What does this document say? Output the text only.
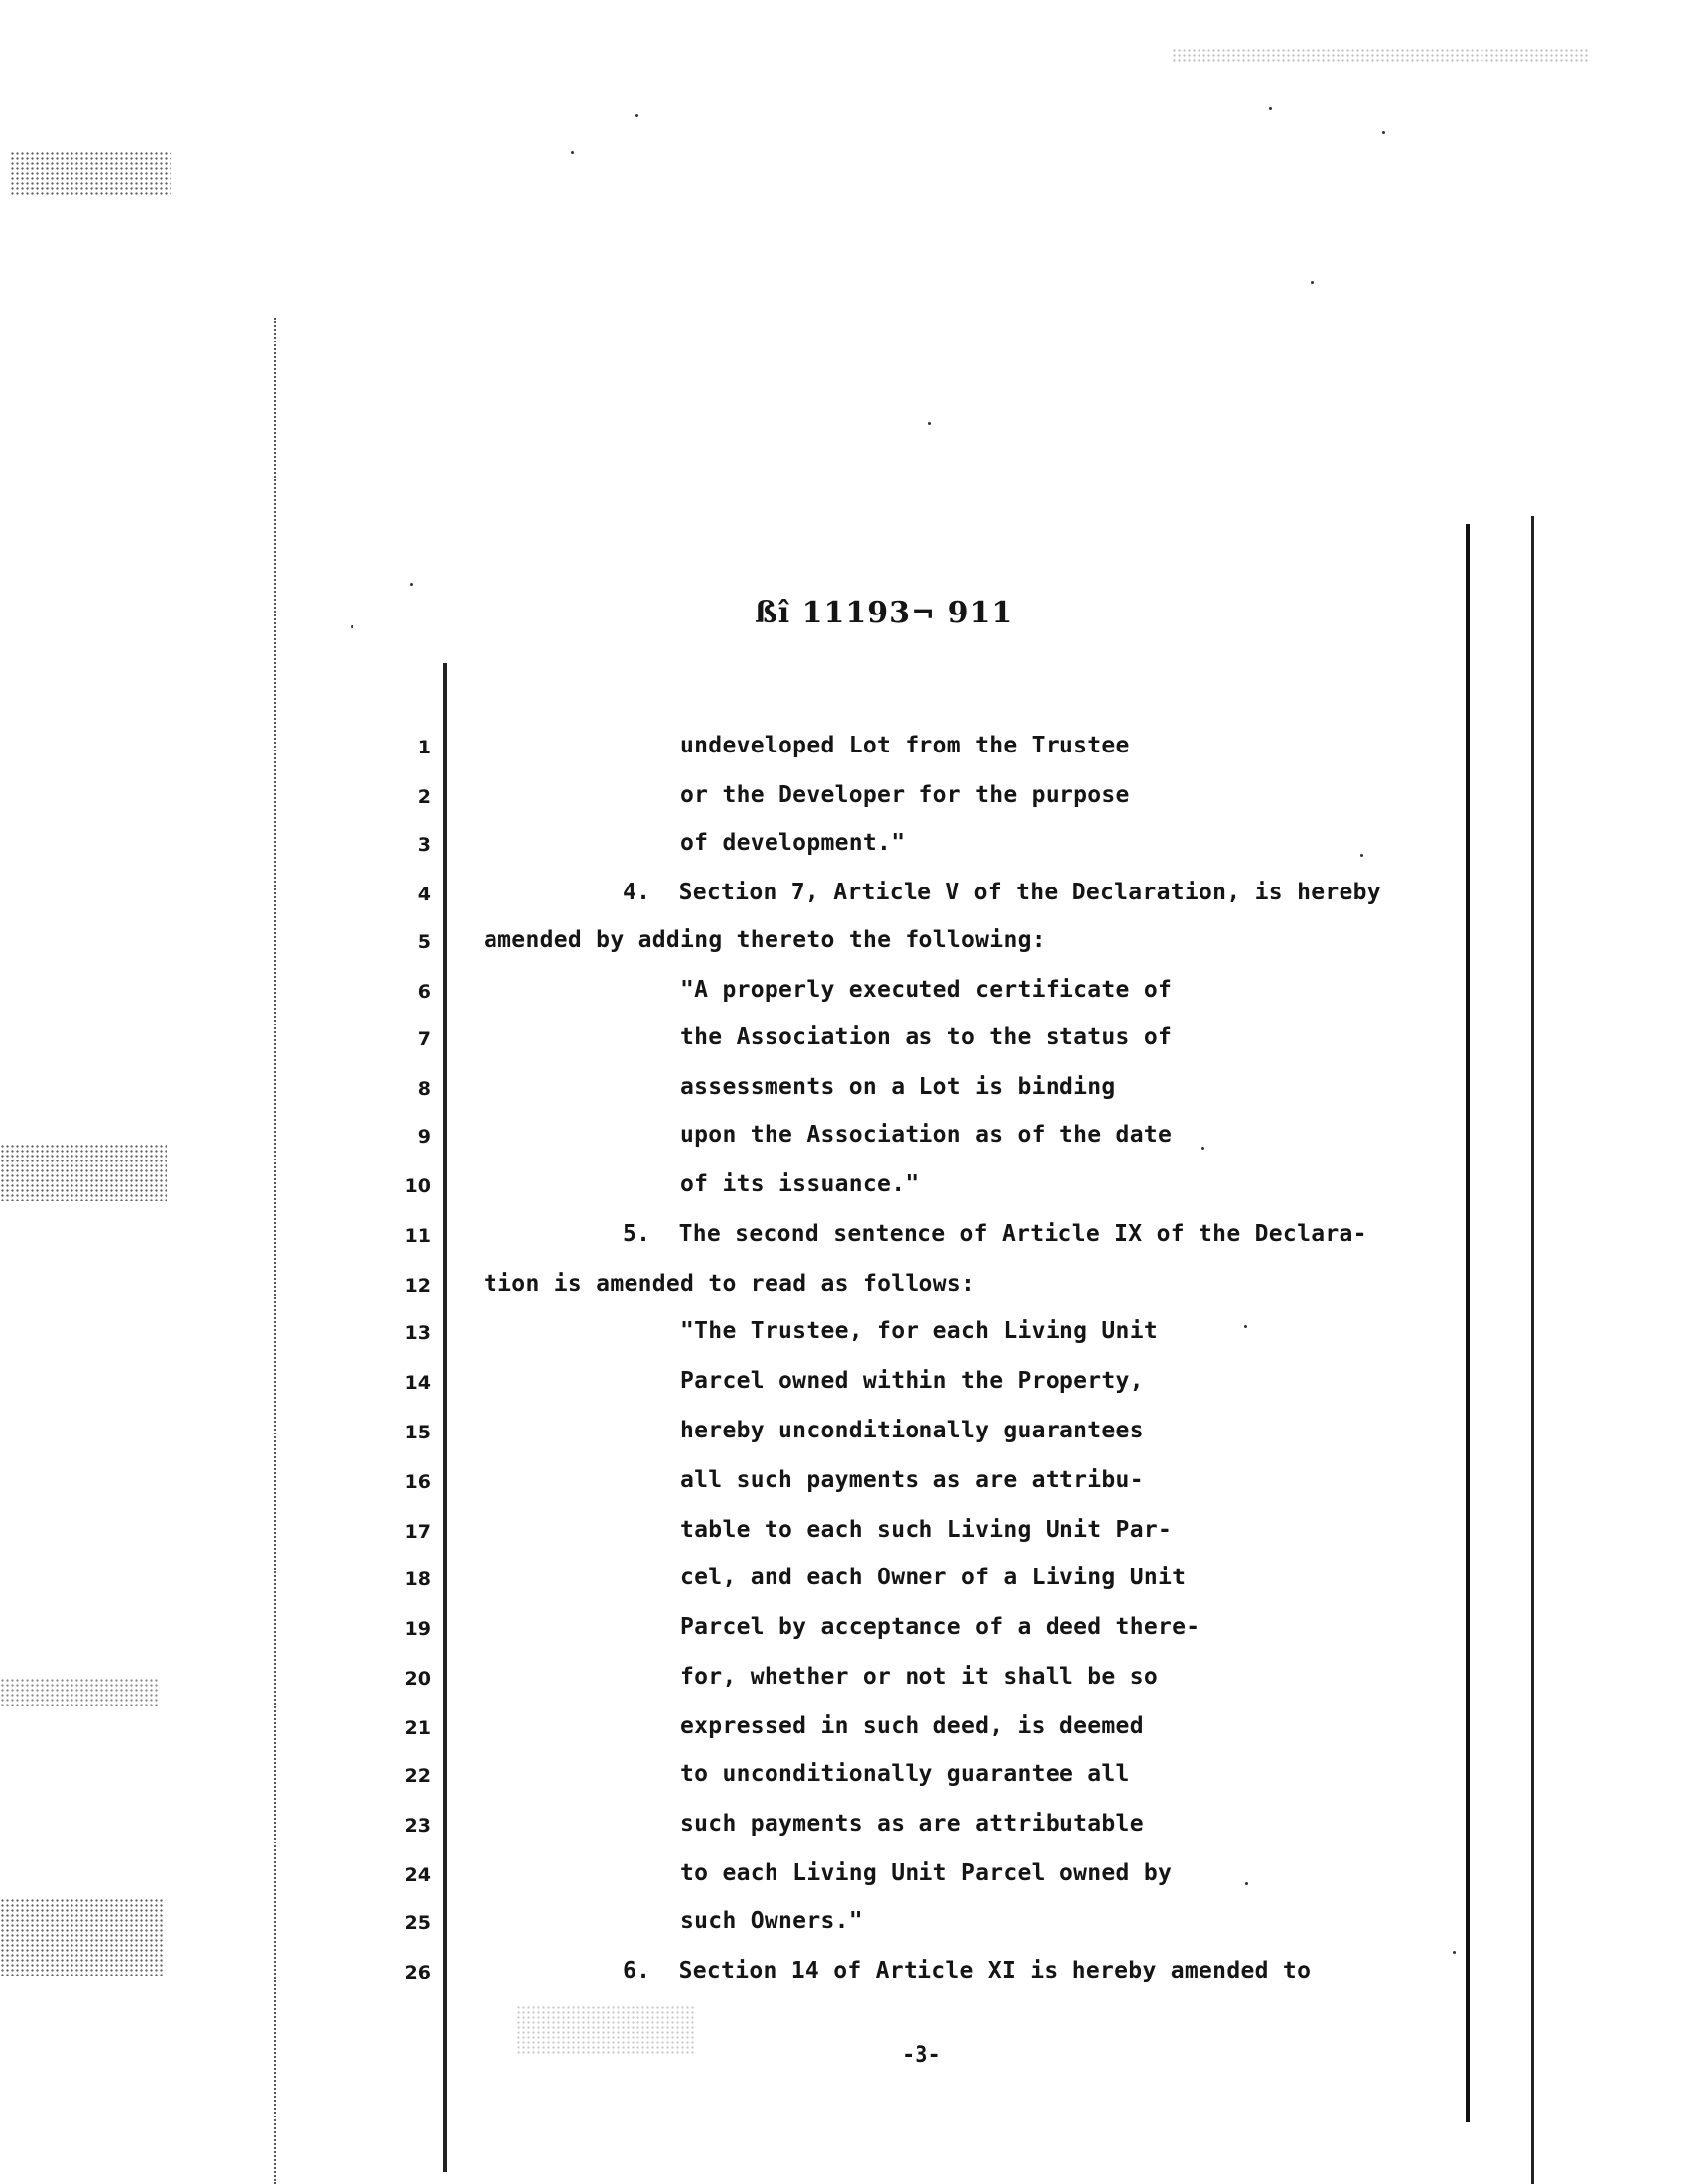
ßî 11193¬ 911
1
2
3
4
5
6
7
8
9
10
11
12
13
14
15
16
17
18
19
20
21
22
23
24
25
26
undeveloped Lot from the Trustee
or the Developer for the purpose
of development."
4.  Section 7, Article V of the Declaration, is hereby
amended by adding thereto the following:
"A properly executed certificate of
the Association as to the status of
assessments on a Lot is binding
upon the Association as of the date
of its issuance."
5.  The second sentence of Article IX of the Declara-
tion is amended to read as follows:
"The Trustee, for each Living Unit
Parcel owned within the Property,
hereby unconditionally guarantees
all such payments as are attribu-
table to each such Living Unit Par-
cel, and each Owner of a Living Unit
Parcel by acceptance of a deed there-
for, whether or not it shall be so
expressed in such deed, is deemed
to unconditionally guarantee all
such payments as are attributable
to each Living Unit Parcel owned by
such Owners."
6.  Section 14 of Article XI is hereby amended to
-3-
